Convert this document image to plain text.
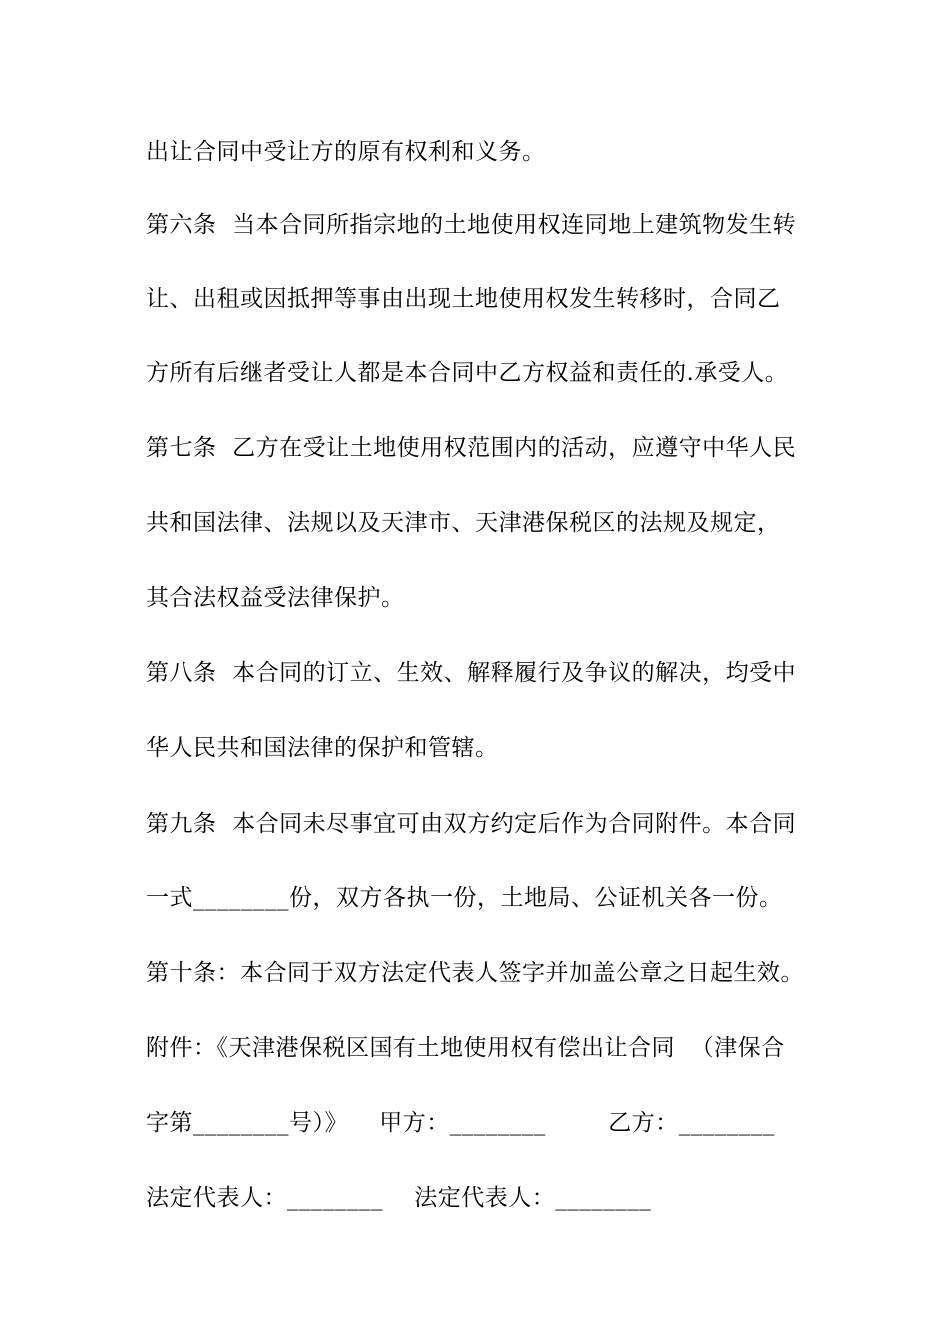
出让合同中受让方的原有权利和义务。
第六条  当本合同所指宗地的土地使用权连同地上建筑物发生转
让、出租或因抵押等事由出现土地使用权发生转移时，合同乙
方所有后继者受让人都是本合同中乙方权益和责任的.承受人。
第七条  乙方在受让土地使用权范围内的活动，应遵守中华人民
共和国法律、法规以及天津市、天津港保税区的法规及规定，
其合法权益受法律保护。
第八条  本合同的订立、生效、解释履行及争议的解决，均受中
华人民共和国法律的保护和管辖。
第九条  本合同未尽事宜可由双方约定后作为合同附件。本合同
一式________份，双方各执一份，土地局、公证机关各一份。
第十条：本合同于双方法定代表人签字并加盖公章之日起生效。
附件：《天津港保税区国有土地使用权有偿出让合同  （津保合
字第________号）》    甲方：________        乙方：________
法定代表人：________    法定代表人：________
